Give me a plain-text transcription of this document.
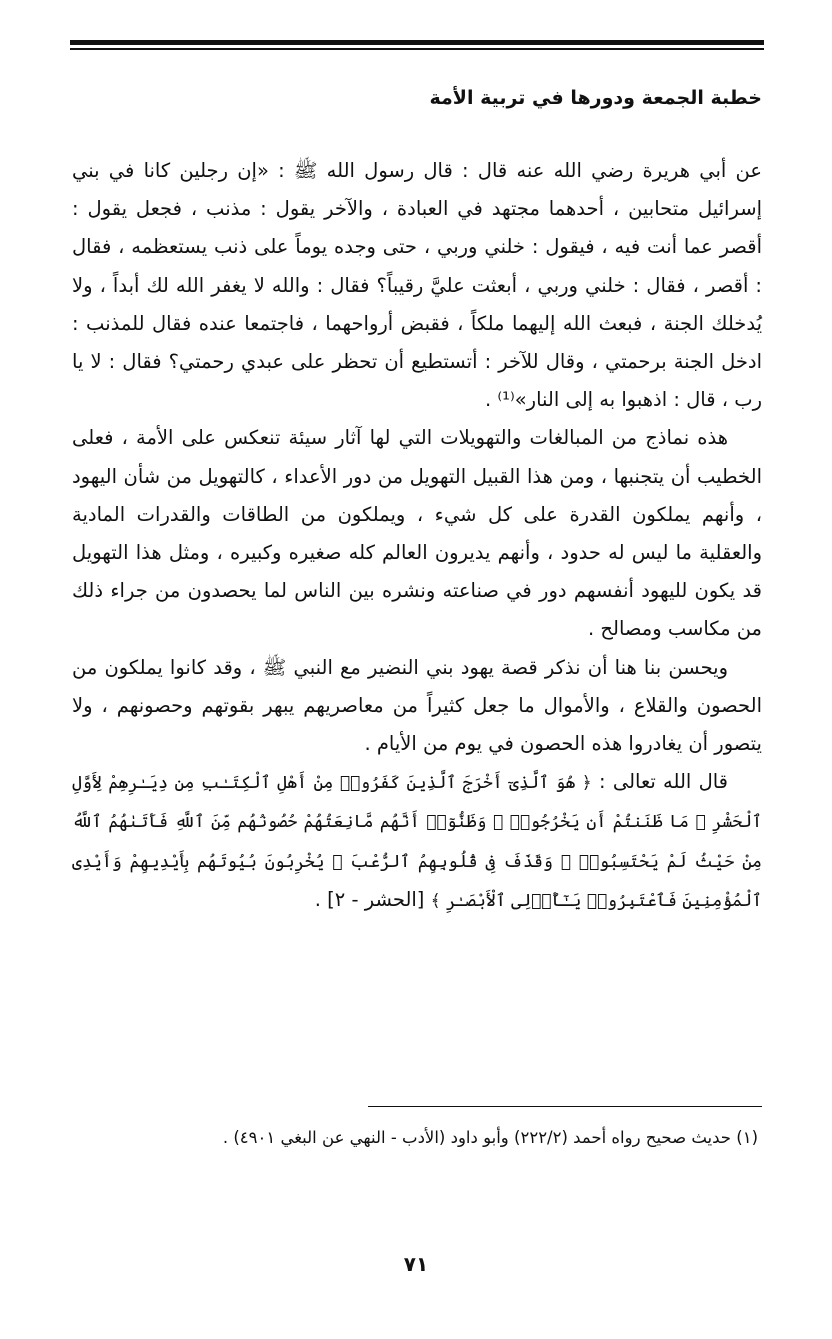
خطبة الجمعة ودورها في تربية الأمة

عن أبي هريرة رضي الله عنه قال : قال رسول الله ﷺ : «إن رجلين كانا في بني إسرائيل متحابين ، أحدهما مجتهد في العبادة ، والآخر يقول : مذنب ، فجعل يقول : أقصر عما أنت فيه ، فيقول : خلني وربي ، حتى وجده يوماً على ذنب يستعظمه ، فقال : أقصر ، فقال : خلني وربي ، أبعثت عليَّ رقيباً؟ فقال : والله لا يغفر الله لك أبداً ، ولا يُدخلك الجنة ، فبعث الله إليهما ملكاً ، فقبض أرواحهما ، فاجتمعا عنده فقال للمذنب : ادخل الجنة برحمتي ، وقال للآخر : أتستطيع أن تحظر على عبدي رحمتي؟ فقال : لا يا رب ، قال : اذهبوا به إلى النار»⁽¹⁾ .

هذه نماذج من المبالغات والتهويلات التي لها آثار سيئة تنعكس على الأمة ، فعلى الخطيب أن يتجنبها ، ومن هذا القبيل التهويل من دور الأعداء ، كالتهويل من شأن اليهود ، وأنهم يملكون القدرة على كل شيء ، ويملكون من الطاقات والقدرات المادية والعقلية ما ليس له حدود ، وأنهم يديرون العالم كله صغيره وكبيره ، ومثل هذا التهويل قد يكون لليهود أنفسهم دور في صناعته ونشره بين الناس لما يحصدون من جراء ذلك من مكاسب ومصالح .

ويحسن بنا هنا أن نذكر قصة يهود بني النضير مع النبي ﷺ ، وقد كانوا يملكون من الحصون والقلاع ، والأموال ما جعل كثيراً من معاصريهم يبهر بقوتهم وحصونهم ، ولا يتصور أن يغادروا هذه الحصون في يوم من الأيام .

قال الله تعالى : ﴿ هُوَ ٱلَّذِىٓ أَخْرَجَ ٱلَّذِينَ كَفَرُوا۟ مِنْ أَهْلِ ٱلْكِتَـٰبِ مِن دِيَـٰرِهِمْ لِأَوَّلِ ٱلْحَشْرِ ۚ مَا ظَنَنتُمْ أَن يَخْرُجُوا۟ ۖ وَظَنُّوٓا۟ أَنَّهُم مَّانِعَتُهُمْ حُصُونُهُم مِّنَ ٱللَّهِ فَأَتَىٰهُمُ ٱللَّهُ مِنْ حَيْثُ لَمْ يَحْتَسِبُوا۟ ۖ وَقَذَفَ فِى قُلُوبِهِمُ ٱلرُّعْبَ ۚ يُخْرِبُونَ بُيُوتَهُم بِأَيْدِيهِمْ وَأَيْدِى ٱلْمُؤْمِنِينَ فَٱعْتَبِرُوا۟ يَـٰٓأُو۟لِى ٱلْأَبْصَـٰرِ ﴾ [الحشر - ٢] .

(١) حديث صحيح رواه أحمد (٢٢٢/٢) وأبو داود (الأدب - النهي عن البغي ٤٩٠١) .
٧١
